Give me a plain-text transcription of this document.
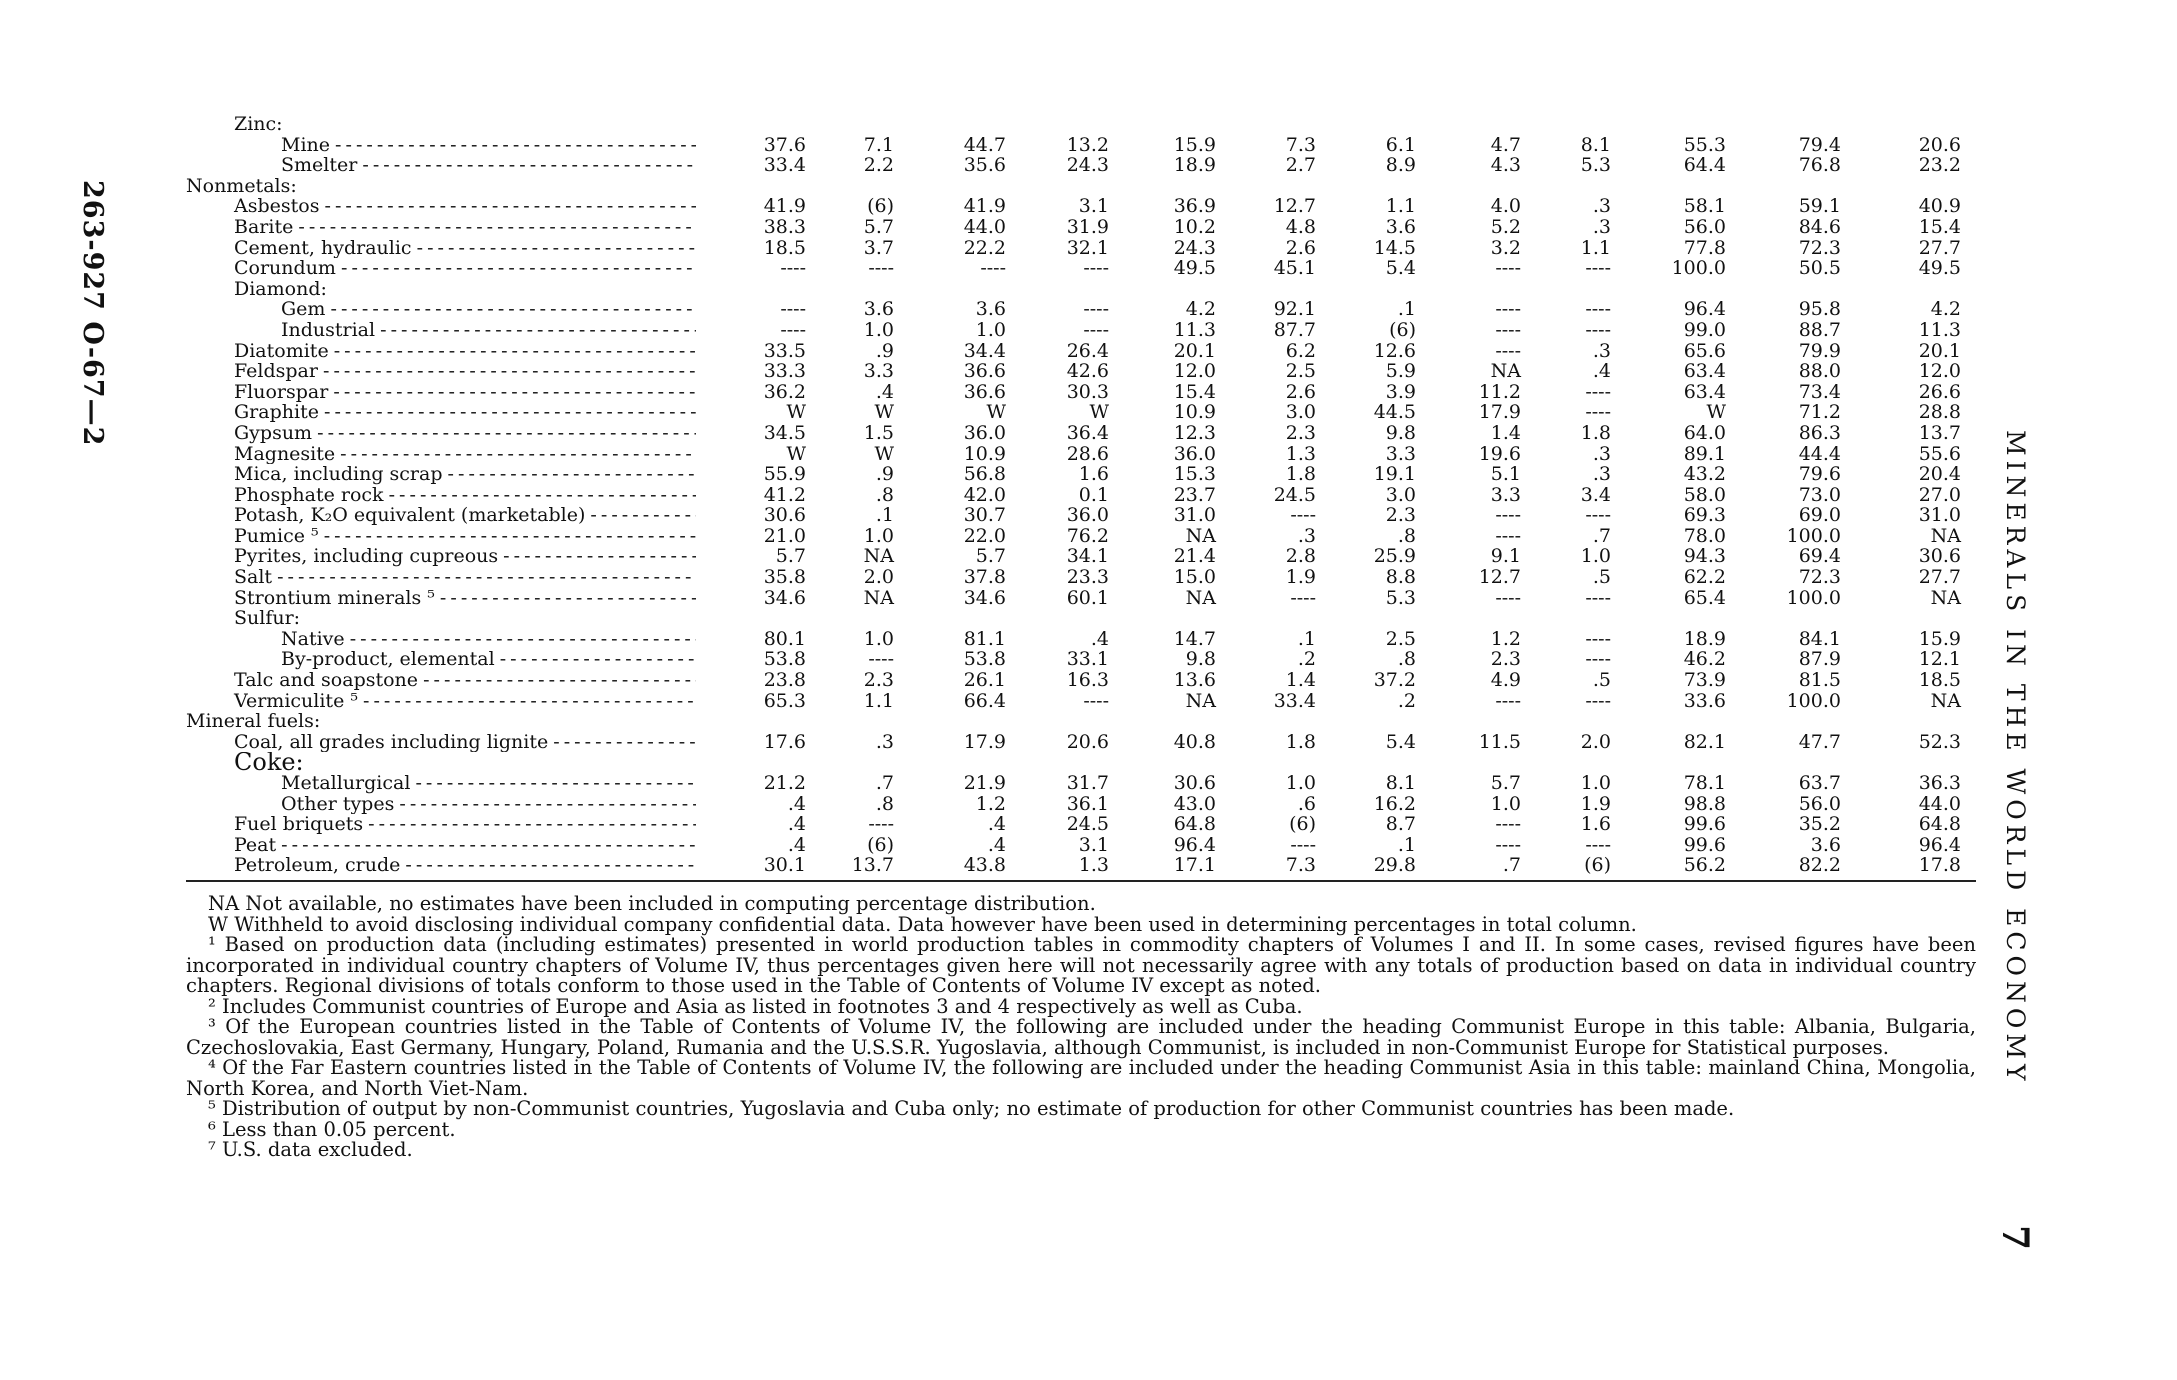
263-927 O-67—2
MINERALS IN THE WORLD ECONOMY
7
Zinc:
Mine - - -	37.6	7.1	44.7	13.2	15.9	7.3	6.1	4.7	8.1	55.3	79.4	20.6
Smelter - - -	33.4	2.2	35.6	24.3	18.9	2.7	8.9	4.3	5.3	64.4	76.8	23.2
Nonmetals:
Asbestos - - -	41.9	(6)	41.9	3.1	36.9	12.7	1.1	4.0	.3	58.1	59.1	40.9
Barite - - -	38.3	5.7	44.0	31.9	10.2	4.8	3.6	5.2	.3	56.0	84.6	15.4
Cement, hydraulic - - -	18.5	3.7	22.2	32.1	24.3	2.6	14.5	3.2	1.1	77.8	72.3	27.7
Corundum - - -	----	----	----	----	49.5	45.1	5.4	----	----	100.0	50.5	49.5
Diamond:
Gem - - -	----	3.6	3.6	----	4.2	92.1	.1	----	----	96.4	95.8	4.2
Industrial - - -	----	1.0	1.0	----	11.3	87.7	(6)	----	----	99.0	88.7	11.3
Diatomite - - -	33.5	.9	34.4	26.4	20.1	6.2	12.6	----	.3	65.6	79.9	20.1
Feldspar - - -	33.3	3.3	36.6	42.6	12.0	2.5	5.9	NA	.4	63.4	88.0	12.0
Fluorspar - - -	36.2	.4	36.6	30.3	15.4	2.6	3.9	11.2	----	63.4	73.4	26.6
Graphite - - -	W	W	W	W	10.9	3.0	44.5	17.9	----	W	71.2	28.8
Gypsum - - -	34.5	1.5	36.0	36.4	12.3	2.3	9.8	1.4	1.8	64.0	86.3	13.7
Magnesite - - -	W	W	10.9	28.6	36.0	1.3	3.3	19.6	.3	89.1	44.4	55.6
Mica, including scrap - - -	55.9	.9	56.8	1.6	15.3	1.8	19.1	5.1	.3	43.2	79.6	20.4
Phosphate rock - - -	41.2	.8	42.0	0.1	23.7	24.5	3.0	3.3	3.4	58.0	73.0	27.0
Potash, K₂O equivalent (marketable) - - -	30.6	.1	30.7	36.0	31.0	----	2.3	----	----	69.3	69.0	31.0
Pumice ⁵ - - -	21.0	1.0	22.0	76.2	NA	.3	.8	----	.7	78.0	100.0	NA
Pyrites, including cupreous - - -	5.7	NA	5.7	34.1	21.4	2.8	25.9	9.1	1.0	94.3	69.4	30.6
Salt - - -	35.8	2.0	37.8	23.3	15.0	1.9	8.8	12.7	.5	62.2	72.3	27.7
Strontium minerals ⁵ - - -	34.6	NA	34.6	60.1	NA	----	5.3	----	----	65.4	100.0	NA
Sulfur:
Native - - -	80.1	1.0	81.1	.4	14.7	.1	2.5	1.2	----	18.9	84.1	15.9
By-product, elemental - - -	53.8	----	53.8	33.1	9.8	.2	.8	2.3	----	46.2	87.9	12.1
Talc and soapstone - - -	23.8	2.3	26.1	16.3	13.6	1.4	37.2	4.9	.5	73.9	81.5	18.5
Vermiculite ⁵ - - -	65.3	1.1	66.4	----	NA	33.4	.2	----	----	33.6	100.0	NA
Mineral fuels:
Coal, all grades including lignite - - -	17.6	.3	17.9	20.6	40.8	1.8	5.4	11.5	2.0	82.1	47.7	52.3
Coke:
Metallurgical - - -	21.2	.7	21.9	31.7	30.6	1.0	8.1	5.7	1.0	78.1	63.7	36.3
Other types - - -	.4	.8	1.2	36.1	43.0	.6	16.2	1.0	1.9	98.8	56.0	44.0
Fuel briquets - - -	.4	----	.4	24.5	64.8	(6)	8.7	----	1.6	99.6	35.2	64.8
Peat - - -	.4	(6)	.4	3.1	96.4	----	.1	----	----	99.6	3.6	96.4
Petroleum, crude - - -	30.1	13.7	43.8	1.3	17.1	7.3	29.8	.7	(6)	56.2	82.2	17.8

NA Not available, no estimates have been included in computing percentage distribution.

W Withheld to avoid disclosing individual company confidential data. Data however have been used in determining percentages in total column.

¹ Based on production data (including estimates) presented in world production tables in commodity chapters of Volumes I and II. In some cases, revised figures have been incorporated in individual country chapters of Volume IV, thus percentages given here will not necessarily agree with any totals of production based on data in individual country chapters. Regional divisions of totals conform to those used in the Table of Contents of Volume IV except as noted.

² Includes Communist countries of Europe and Asia as listed in footnotes 3 and 4 respectively as well as Cuba.

³ Of the European countries listed in the Table of Contents of Volume IV, the following are included under the heading Communist Europe in this table: Albania, Bulgaria, Czechoslovakia, East Germany, Hungary, Poland, Rumania and the U.S.S.R. Yugoslavia, although Communist, is included in non-Communist Europe for Statistical purposes.

⁴ Of the Far Eastern countries listed in the Table of Contents of Volume IV, the following are included under the heading Communist Asia in this table: mainland China, Mongolia, North Korea, and North Viet-Nam.

⁵ Distribution of output by non-Communist countries, Yugoslavia and Cuba only; no estimate of production for other Communist countries has been made.

⁶ Less than 0.05 percent.

⁷ U.S. data excluded.
